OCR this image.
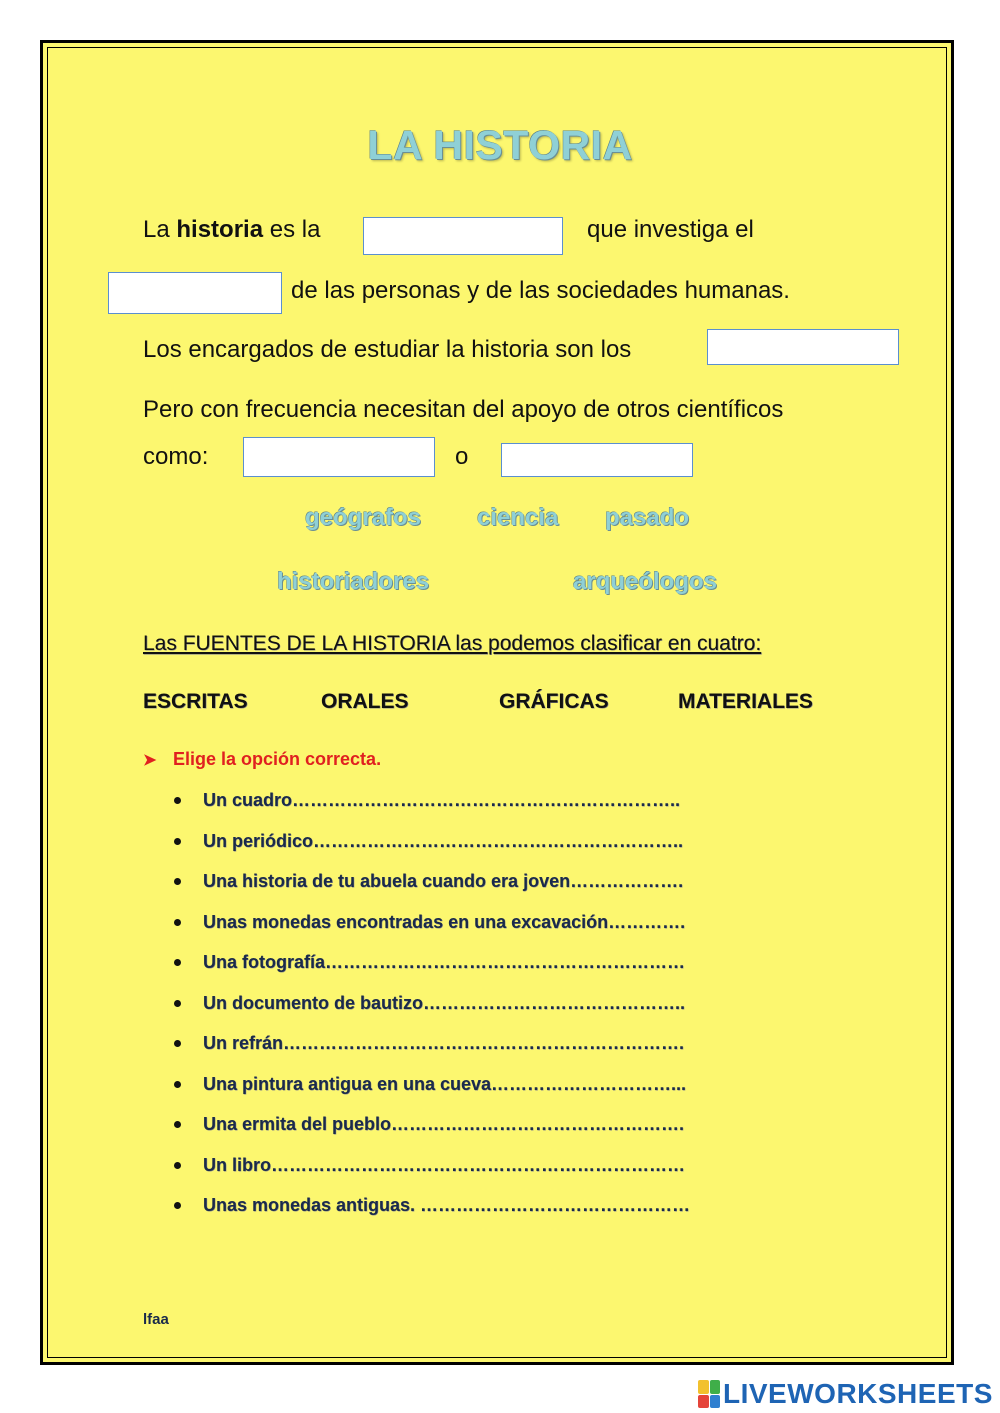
LA HISTORIA
La historia es la	que investiga el
de las personas y de las sociedades humanas.
Los encargados de estudiar la historia son los
Pero con frecuencia necesitan del apoyo de otros científicos
como:	o
geógrafos ciencia pasado
historiadores	arqueólogos
Las FUENTES DE LA HISTORIA las podemos clasificar en cuatro:
ESCRITAS	ORALES	GRÁFICAS	MATERIALES
➤ Elige la opción correcta.
Un cuadro………………………………………………………..
Un periódico……………………………………………………..
Una historia de tu abuela cuando era joven……………….
Unas monedas encontradas en una excavación………….
Una fotografía……………………………………………………
Un documento de bautizo……………………………………..
Un refrán………………………………………………………….
Una pintura antigua en una cueva…………………………...
Una ermita del pueblo………………………………………….
Un libro……………………………………………………………
Unas monedas antiguas. ………………………………………
lfaa
LIVEWORKSHEETS
